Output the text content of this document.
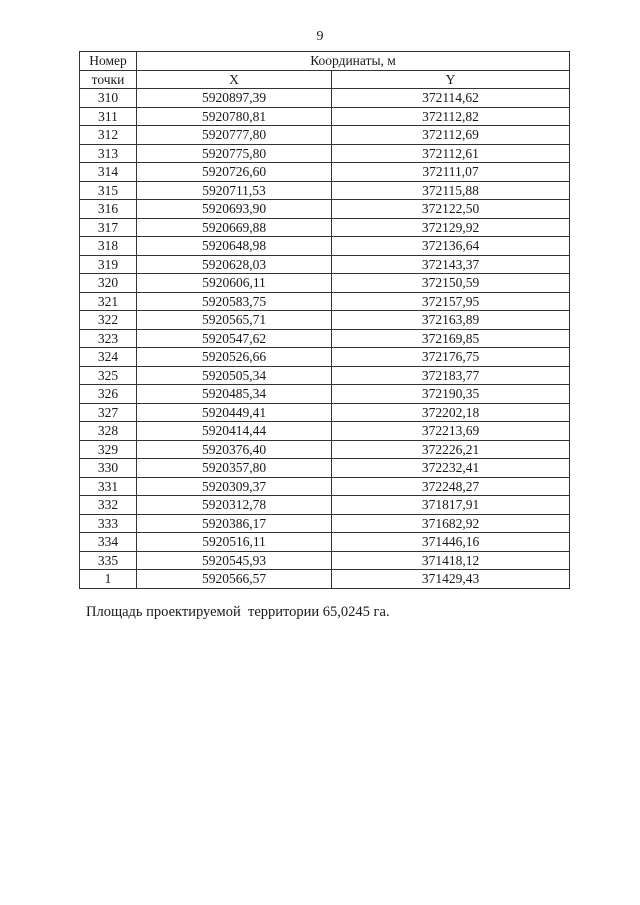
9
Номер	Координаты, м	
точки	X	Y
310	5920897,39	372114,62
311	5920780,81	372112,82
312	5920777,80	372112,69
313	5920775,80	372112,61
314	5920726,60	372111,07
315	5920711,53	372115,88
316	5920693,90	372122,50
317	5920669,88	372129,92
318	5920648,98	372136,64
319	5920628,03	372143,37
320	5920606,11	372150,59
321	5920583,75	372157,95
322	5920565,71	372163,89
323	5920547,62	372169,85
324	5920526,66	372176,75
325	5920505,34	372183,77
326	5920485,34	372190,35
327	5920449,41	372202,18
328	5920414,44	372213,69
329	5920376,40	372226,21
330	5920357,80	372232,41
331	5920309,37	372248,27
332	5920312,78	371817,91
333	5920386,17	371682,92
334	5920516,11	371446,16
335	5920545,93	371418,12
1	5920566,57	371429,43
Площадь проектируемой  территории 65,0245 га.
